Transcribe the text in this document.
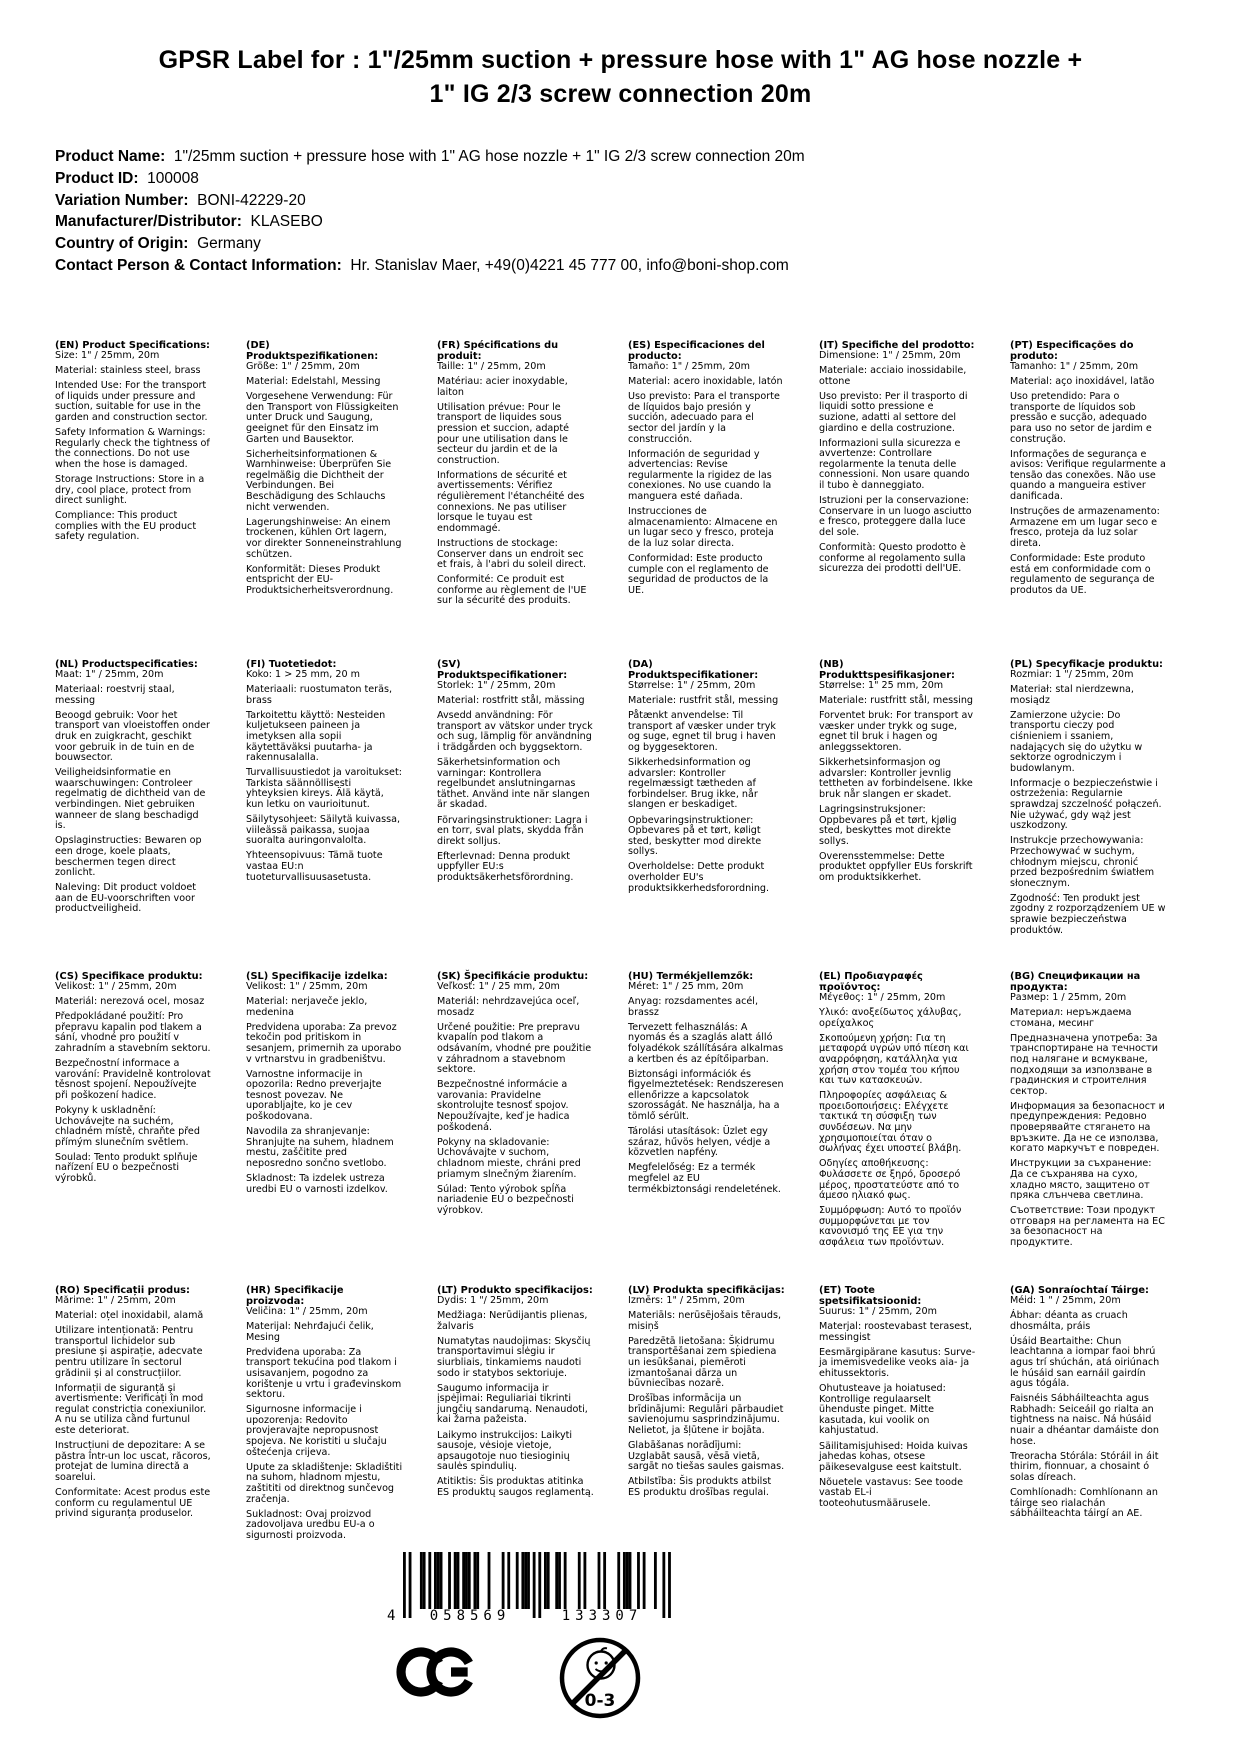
GPSR Label for : 1"/25mm suction + pressure hose with 1" AG hose nozzle + 1" IG 2/3 screw connection 20m
Product Name:  1"/25mm suction + pressure hose with 1" AG hose nozzle + 1" IG 2/3 screw connection 20m
Product ID:  100008
Variation Number:  BONI-42229-20
Manufacturer/Distributor:  KLASEBO
Country of Origin:  Germany
Contact Person & Contact Information:  Hr. Stanislav Maer, +49(0)4221 45 777 00, info@boni-shop.com
(EN) Product Specifications:

Size: 1" / 25mm, 20m

Material: stainless steel, brass

Intended Use: For the transport of liquids under pressure and suction, suitable for use in the garden and construction sector.

Safety Information & Warnings: Regularly check the tightness of the connections. Do not use when the hose is damaged.

Storage Instructions: Store in a dry, cool place, protect from direct sunlight.

Compliance: This product complies with the EU product safety regulation.

(DE) Produktspezifikationen:

Größe: 1" / 25mm, 20m

Material: Edelstahl, Messing

Vorgesehene Verwendung: Für den Transport von Flüssigkeiten unter Druck und Saugung, geeignet für den Einsatz im Garten und Bausektor.

Sicherheitsinformationen & Warnhinweise: Überprüfen Sie regelmäßig die Dichtheit der Verbindungen. Bei Beschädigung des Schlauchs nicht verwenden.

Lagerungshinweise: An einem trockenen, kühlen Ort lagern, vor direkter Sonneneinstrahlung schützen.

Konformität: Dieses Produkt entspricht der EU-Produktsicherheitsverordnung.

(FR) Spécifications du produit:

Taille: 1" / 25mm, 20m

Matériau: acier inoxydable, laiton

Utilisation prévue: Pour le transport de liquides sous pression et succion, adapté pour une utilisation dans le secteur du jardin et de la construction.

Informations de sécurité et avertissements: Vérifiez régulièrement l'étanchéité des connexions. Ne pas utiliser lorsque le tuyau est endommagé.

Instructions de stockage: Conserver dans un endroit sec et frais, à l'abri du soleil direct.

Conformité: Ce produit est conforme au règlement de l'UE sur la sécurité des produits.

(ES) Especificaciones del producto:

Tamaño: 1" / 25mm, 20m

Material: acero inoxidable, latón

Uso previsto: Para el transporte de líquidos bajo presión y succión, adecuado para el sector del jardín y la construcción.

Información de seguridad y advertencias: Revise regularmente la rigidez de las conexiones. No use cuando la manguera esté dañada.

Instrucciones de almacenamiento: Almacene en un lugar seco y fresco, proteja de la luz solar directa.

Conformidad: Este producto cumple con el reglamento de seguridad de productos de la UE.

(IT) Specifiche del prodotto:

Dimensione: 1" / 25mm, 20m

Materiale: acciaio inossidabile, ottone

Uso previsto: Per il trasporto di liquidi sotto pressione e suzione, adatti al settore del giardino e della costruzione.

Informazioni sulla sicurezza e avvertenze: Controllare regolarmente la tenuta delle connessioni. Non usare quando il tubo è danneggiato.

Istruzioni per la conservazione: Conservare in un luogo asciutto e fresco, proteggere dalla luce del sole.

Conformità: Questo prodotto è conforme al regolamento sulla sicurezza dei prodotti dell'UE.

(PT) Especificações do produto:

Tamanho: 1" / 25mm, 20m

Material: aço inoxidável, latão

Uso pretendido: Para o transporte de líquidos sob pressão e sucção, adequado para uso no setor de jardim e construção.

Informações de segurança e avisos: Verifique regularmente a tensão das conexões. Não use quando a mangueira estiver danificada.

Instruções de armazenamento: Armazene em um lugar seco e fresco, proteja da luz solar direta.

Conformidade: Este produto está em conformidade com o regulamento de segurança de produtos da UE.

(NL) Productspecificaties:

Maat: 1" / 25mm, 20m

Materiaal: roestvrij staal, messing

Beoogd gebruik: Voor het transport van vloeistoffen onder druk en zuigkracht, geschikt voor gebruik in de tuin en de bouwsector.

Veiligheidsinformatie en waarschuwingen: Controleer regelmatig de dichtheid van de verbindingen. Niet gebruiken wanneer de slang beschadigd is.

Opslaginstructies: Bewaren op een droge, koele plaats, beschermen tegen direct zonlicht.

Naleving: Dit product voldoet aan de EU-voorschriften voor productveiligheid.

(FI) Tuotetiedot:

Koko: 1 > 25 mm, 20 m

Materiaali: ruostumaton teräs, brass

Tarkoitettu käyttö: Nesteiden kuljetukseen paineen ja imetyksen alla sopii käytettäväksi puutarha- ja rakennusalalla.

Turvallisuustiedot ja varoitukset: Tarkista säännöllisesti yhteyksien kireys. Älä käytä, kun letku on vaurioitunut.

Säilytysohjeet: Säilytä kuivassa, viileässä paikassa, suojaa suoralta auringonvalolta.

Yhteensopivuus: Tämä tuote vastaa EU:n tuoteturvallisuusasetusta.

(SV) Produktspecifikationer:

Storlek: 1" / 25mm, 20m

Material: rostfritt stål, mässing

Avsedd användning: För transport av vätskor under tryck och sug, lämplig för användning i trädgården och byggsektorn.

Säkerhetsinformation och varningar: Kontrollera regelbundet anslutningarnas täthet. Använd inte när slangen är skadad.

Förvaringsinstruktioner: Lagra i en torr, sval plats, skydda från direkt solljus.

Efterlevnad: Denna produkt uppfyller EU:s produktsäkerhetsförordning.

(DA) Produktspecifikationer:

Størrelse: 1" / 25mm, 20m

Materiale: rustfrit stål, messing

Påtænkt anvendelse: Til transport af væsker under tryk og suge, egnet til brug i haven og byggesektoren.

Sikkerhedsinformation og advarsler: Kontroller regelmæssigt tætheden af forbindelser. Brug ikke, når slangen er beskadiget.

Opbevaringsinstruktioner: Opbevares på et tørt, køligt sted, beskytter mod direkte sollys.

Overholdelse: Dette produkt overholder EU's produktsikkerhedsforordning.

(NB) Produkttspesifikasjoner:

Størrelse: 1" 25 mm, 20m

Materiale: rustfritt stål, messing

Forventet bruk: For transport av væsker under trykk og suge, egnet til bruk i hagen og anleggssektoren.

Sikkerhetsinformasjon og advarsler: Kontroller jevnlig tettheten av forbindelsene. Ikke bruk når slangen er skadet.

Lagringsinstruksjoner: Oppbevares på et tørt, kjølig sted, beskyttes mot direkte sollys.

Overensstemmelse: Dette produktet oppfyller EUs forskrift om produktsikkerhet.

(PL) Specyfikacje produktu:

Rozmiar: 1 "/ 25mm, 20m

Materiał: stal nierdzewna, mosiądz

Zamierzone użycie: Do transportu cieczy pod ciśnieniem i ssaniem, nadających się do użytku w sektorze ogrodniczym i budowlanym.

Informacje o bezpieczeństwie i ostrzeżenia: Regularnie sprawdzaj szczelność połączeń. Nie używać, gdy wąż jest uszkodzony.

Instrukcje przechowywania: Przechowywać w suchym, chłodnym miejscu, chronić przed bezpośrednim światłem słonecznym.

Zgodność: Ten produkt jest zgodny z rozporządzeniem UE w sprawie bezpieczeństwa produktów.

(CS) Specifikace produktu:

Velikost: 1" / 25mm, 20m

Materiál: nerezová ocel, mosaz

Předpokládané použití: Pro přepravu kapalin pod tlakem a sání, vhodné pro použití v zahradním a stavebním sektoru.

Bezpečnostní informace a varování: Pravidelně kontrolovat těsnost spojení. Nepoužívejte při poškození hadice.

Pokyny k uskladnění: Uchovávejte na suchém, chladném místě, chraňte před přímým slunečním světlem.

Soulad: Tento produkt splňuje nařízení EU o bezpečnosti výrobků.

(SL) Specifikacije izdelka:

Velikost: 1" / 25mm, 20m

Material: nerjaveče jeklo, medenina

Predvidena uporaba: Za prevoz tekočin pod pritiskom in sesanjem, primernih za uporabo v vrtnarstvu in gradbeništvu.

Varnostne informacije in opozorila: Redno preverjajte tesnost povezav. Ne uporabljajte, ko je cev poškodovana.

Navodila za shranjevanje: Shranjujte na suhem, hladnem mestu, zaščitite pred neposredno sončno svetlobo.

Skladnost: Ta izdelek ustreza uredbi EU o varnosti izdelkov.

(SK) Špecifikácie produktu:

Veľkosť: 1" / 25 mm, 20m

Materiál: nehrdzavejúca oceľ, mosadz

Určené použitie: Pre prepravu kvapalín pod tlakom a odsávaním, vhodné pre použitie v záhradnom a stavebnom sektore.

Bezpečnostné informácie a varovania: Pravidelne skontrolujte tesnosť spojov. Nepoužívajte, keď je hadica poškodená.

Pokyny na skladovanie: Uchovávajte v suchom, chladnom mieste, chráni pred priamym slnečným žiarením.

Súlad: Tento výrobok spĺňa nariadenie EÚ o bezpečnosti výrobkov.

(HU) Termékjellemzők:

Méret: 1" / 25 mm, 20m

Anyag: rozsdamentes acél, brassz

Tervezett felhasználás: A nyomás és a szaglás alatt álló folyadékok szállítására alkalmas a kertben és az építőiparban.

Biztonsági információk és figyelmeztetések: Rendszeresen ellenőrizze a kapcsolatok szorosságát. Ne használja, ha a tömlő sérült.

Tárolási utasítások: Üzlet egy száraz, hűvös helyen, védje a közvetlen napfény.

Megfelelőség: Ez a termék megfelel az EU termékbiztonsági rendeletének.

(EL) Προδιαγραφές προϊόντος:

Μέγεθος: 1" / 25mm, 20m

Υλικό: ανοξείδωτος χάλυβας, ορείχαλκος

Σκοπούμενη χρήση: Για τη μεταφορά υγρών υπό πίεση και αναρρόφηση, κατάλληλα για χρήση στον τομέα του κήπου και των κατασκευών.

Πληροφορίες ασφάλειας & προειδοποιήσεις: Ελέγχετε τακτικά τη σύσφιξη των συνδέσεων. Να μην χρησιμοποιείται όταν ο σωλήνας έχει υποστεί βλάβη.

Οδηγίες αποθήκευσης: Φυλάσσετε σε ξηρό, δροσερό μέρος, προστατεύστε από το άμεσο ηλιακό φως.

Συμμόρφωση: Αυτό το προϊόν συμμορφώνεται με τον κανονισμό της ΕΕ για την ασφάλεια των προϊόντων.

(BG) Спецификации на продукта:

Размер: 1 / 25mm, 20m

Материал: неръждаема стомана, месинг

Предназначена употреба: За транспортиране на течности под налягане и всмукване, подходящи за използване в градинския и строителния сектор.

Информация за безопасност и предупреждения: Редовно проверявайте стягането на връзките. Да не се използва, когато маркучът е повреден.

Инструкции за съхранение: Да се съхранява на сухо, хладно място, защитено от пряка слънчева светлина.

Съответствие: Този продукт отговаря на регламента на ЕС за безопасност на продуктите.

(RO) Specificații produs:

Mărime: 1" / 25mm, 20m

Material: oțel inoxidabil, alamă

Utilizare intenționată: Pentru transportul lichidelor sub presiune și aspirație, adecvate pentru utilizare în sectorul grădinii și al construcțiilor.

Informații de siguranță și avertismente: Verificați în mod regulat constricția conexiunilor. A nu se utiliza când furtunul este deteriorat.

Instrucțiuni de depozitare: A se păstra într-un loc uscat, răcoros, protejat de lumina directă a soarelui.

Conformitate: Acest produs este conform cu regulamentul UE privind siguranța produselor.

(HR) Specifikacije proizvoda:

Veličina: 1" / 25mm, 20m

Materijal: Nehrđajući čelik, Mesing

Predviđena uporaba: Za transport tekućina pod tlakom i usisavanjem, pogodno za korištenje u vrtu i građevinskom sektoru.

Sigurnosne informacije i upozorenja: Redovito provjeravajte nepropusnost spojeva. Ne koristiti u slučaju oštećenja crijeva.

Upute za skladištenje: Skladištiti na suhom, hladnom mjestu, zaštititi od direktnog sunčevog zračenja.

Sukladnost: Ovaj proizvod zadovoljava uredbu EU-a o sigurnosti proizvoda.

(LT) Produkto specifikacijos:

Dydis: 1 "/ 25mm, 20m

Medžiaga: Nerūdijantis plienas, žalvaris

Numatytas naudojimas: Skysčių transportavimui slėgiu ir siurbliais, tinkamiems naudoti sodo ir statybos sektoriuje.

Saugumo informacija ir įspėjimai: Reguliariai tikrinti jungčių sandarumą. Nenaudoti, kai žarna pažeista.

Laikymo instrukcijos: Laikyti sausoje, vėsioje vietoje, apsaugotoje nuo tiesioginių saulės spindulių.

Atitiktis: Šis produktas atitinka ES produktų saugos reglamentą.

(LV) Produkta specifikācijas:

Izmērs: 1" / 25mm, 20m

Materiāls: nerūsējošais tērauds, misiņš

Paredzētā lietošana: Šķidrumu transportēšanai zem spiediena un iesūkšanai, piemēroti izmantošanai dārza un būvniecības nozarē.

Drošības informācija un brīdinājumi: Regulāri pārbaudiet savienojumu sasprindzinājumu. Nelietot, ja šļūtene ir bojāta.

Glabāšanas norādījumi: Uzglabāt sausā, vēsā vietā, sargāt no tiešas saules gaismas.

Atbilstība: Šis produkts atbilst ES produktu drošības regulai.

(ET) Toote spetsifikatsioonid:

Suurus: 1" / 25mm, 20m

Materjal: roostevabast terasest, messingist

Eesmärgipärane kasutus: Surve- ja imemisvedelike veoks aia- ja ehitussektoris.

Ohutusteave ja hoiatused: Kontrollige regulaarselt ühenduste pinget. Mitte kasutada, kui voolik on kahjustatud.

Säilitamisjuhised: Hoida kuivas jahedas kohas, otsese päikesevalguse eest kaitstult.

Nõuetele vastavus: See toode vastab EL-i tooteohutusmäärusele.

(GA) Sonraíochtaí Táirge:

Méid: 1 " / 25mm, 20m

Ábhar: déanta as cruach dhosmálta, práis

Úsáid Beartaithe: Chun leachtanna a iompar faoi bhrú agus trí shúchán, atá oiriúnach le húsáid san earnáil gairdín agus tógála.

Faisnéis Sábháilteachta agus Rabhadh: Seiceáil go rialta an tightness na naisc. Ná húsáid nuair a dhéantar damáiste don hose.

Treoracha Stórála: Stóráil in áit thirim, fionnuar, a chosaint ó solas díreach.

Comhlíonadh: Comhlíonann an táirge seo rialachán sábháilteachta táirgí an AE.

4 058569	133307
0-3
